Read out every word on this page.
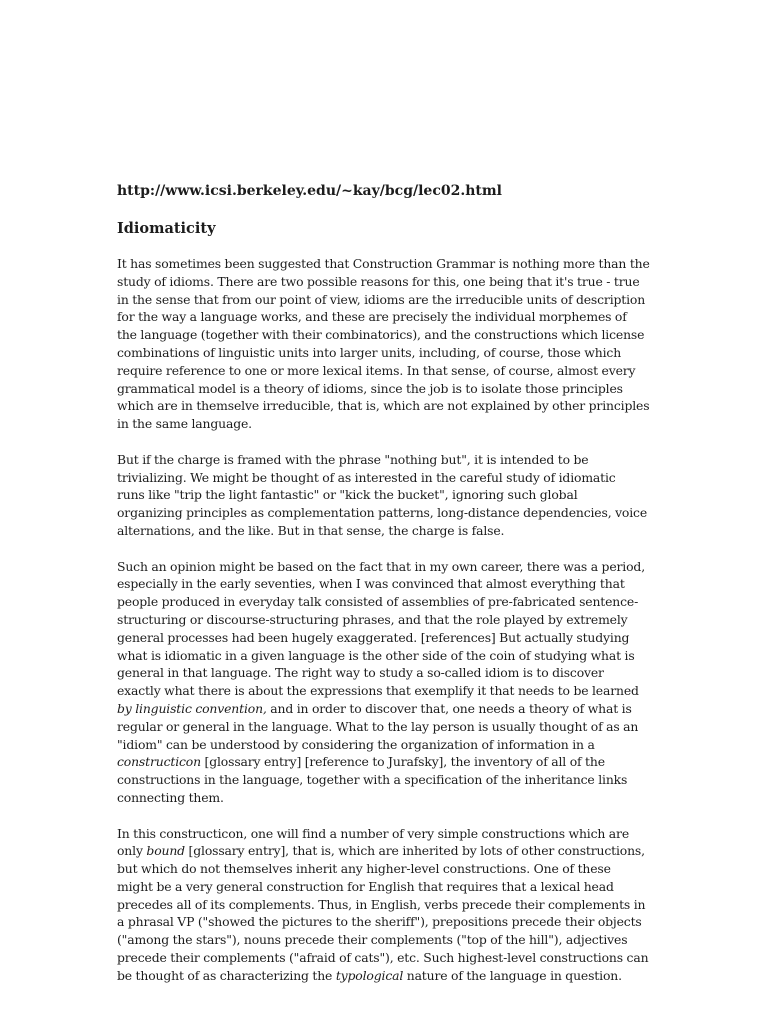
http://www.icsi.berkeley.edu/~kay/bcg/lec02.html
Idiomaticity
It has sometimes been suggested that Construction Grammar is nothing more than the
study of idioms. There are two possible reasons for this, one being that it's true - true
in the sense that from our point of view, idioms are the irreducible units of description
for the way a language works, and these are precisely the individual morphemes of
the language (together with their combinatorics), and the constructions which license
combinations of linguistic units into larger units, including, of course, those which
require reference to one or more lexical items. In that sense, of course, almost every
grammatical model is a theory of idioms, since the job is to isolate those principles
which are in themselve irreducible, that is, which are not explained by other principles
in the same language.
But if the charge is framed with the phrase "nothing but", it is intended to be
trivializing. We might be thought of as interested in the careful study of idiomatic
runs like "trip the light fantastic" or "kick the bucket", ignoring such global
organizing principles as complementation patterns, long-distance dependencies, voice
alternations, and the like. But in that sense, the charge is false.
Such an opinion might be based on the fact that in my own career, there was a period,
especially in the early seventies, when I was convinced that almost everything that
people produced in everyday talk consisted of assemblies of pre-fabricated sentence-
structuring or discourse-structuring phrases, and that the role played by extremely
general processes had been hugely exaggerated. [references] But actually studying
what is idiomatic in a given language is the other side of the coin of studying what is
general in that language. The right way to study a so-called idiom is to discover
exactly what there is about the expressions that exemplify it that needs to be learned
by linguistic convention, and in order to discover that, one needs a theory of what is
regular or general in the language. What to the lay person is usually thought of as an
"idiom" can be understood by considering the organization of information in a
constructicon [glossary entry] [reference to Jurafsky], the inventory of all of the
constructions in the language, together with a specification of the inheritance links
connecting them.
In this constructicon, one will find a number of very simple constructions which are
only bound [glossary entry], that is, which are inherited by lots of other constructions,
but which do not themselves inherit any higher-level constructions. One of these
might be a very general construction for English that requires that a lexical head
precedes all of its complements. Thus, in English, verbs precede their complements in
a phrasal VP ("showed the pictures to the sheriff"), prepositions precede their objects
("among the stars"), nouns precede their complements ("top of the hill"), adjectives
precede their complements ("afraid of cats"), etc. Such highest-level constructions can
be thought of as characterizing the typological nature of the language in question.
